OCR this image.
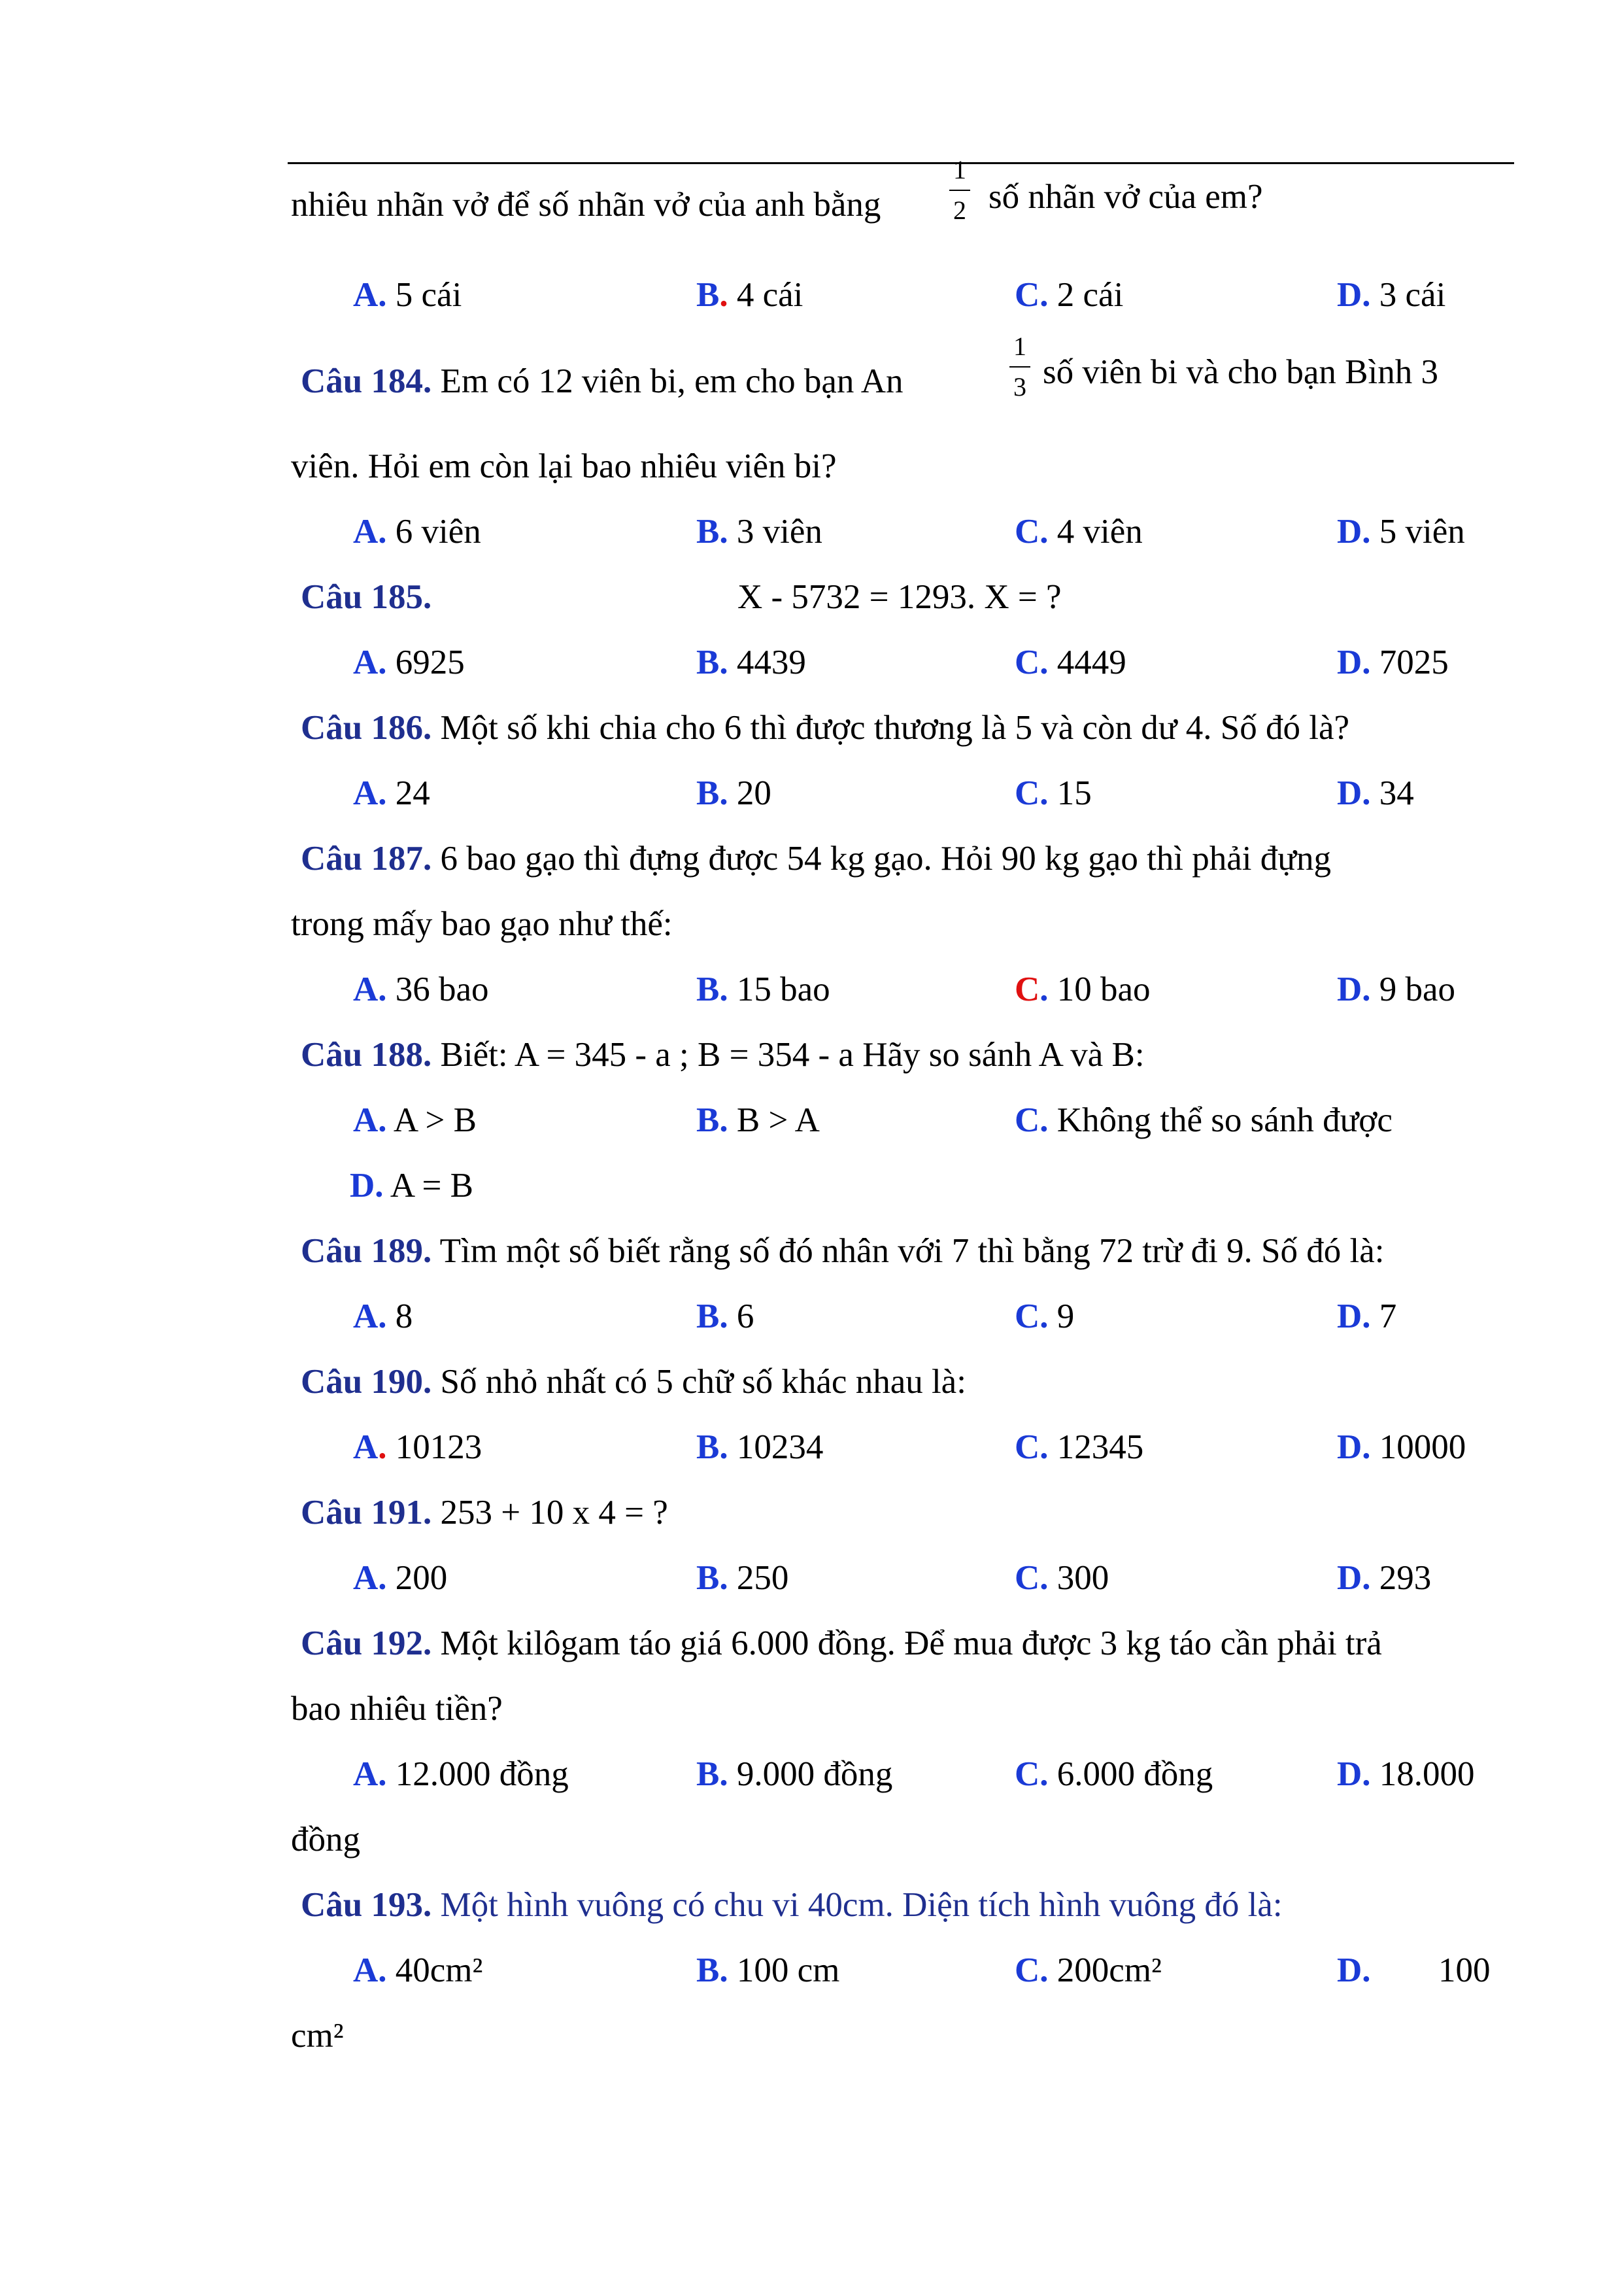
nhiêu nhãn vở để số nhãn vở của anh bằng
1
2 số nhãn vở của em?
A. 5 cái	B. 4 cái	C. 2 cái	D. 3 cái
Câu 184. Em có 12 viên bi, em cho bạn An
1
3 số viên bi và cho bạn Bình 3
viên. Hỏi em còn lại bao nhiêu viên bi?
A. 6 viên	B. 3 viên	C. 4 viên	D. 5 viên
Câu 185.	X - 5732 = 1293. X = ?
A. 6925	B. 4439	C. 4449	D. 7025
Câu 186. Một số khi chia cho 6 thì được thương là 5 và còn dư 4. Số đó là?
A. 24	B. 20	C. 15	D. 34
Câu 187. 6 bao gạo thì đựng được 54 kg gạo. Hỏi 90 kg gạo thì phải đựng
trong mấy bao gạo như thế:
A. 36 bao	B. 15 bao	C. 10 bao	D. 9 bao
Câu 188. Biết: A = 345 - a ; B = 354 - a Hãy so sánh A và B:
A. A > B	B. B > A	C. Không thể so sánh được
D. A = B
Câu 189. Tìm một số biết rằng số đó nhân với 7 thì bằng 72 trừ đi 9. Số đó là:
A. 8	B. 6	C. 9	D. 7
Câu 190. Số nhỏ nhất có 5 chữ số khác nhau là:
A. 10123	B. 10234	C. 12345	D. 10000
Câu 191. 253 + 10 x 4 = ?
A. 200	B. 250	C. 300	D. 293
Câu 192. Một kilôgam táo giá 6.000 đồng. Để mua được 3 kg táo cần phải trả
bao nhiêu tiền?
A. 12.000 đồng	B. 9.000 đồng	C. 6.000 đồng	D. 18.000
đồng
Câu 193. Một hình vuông có chu vi 40cm. Diện tích hình vuông đó là:
A. 40cm²	B. 100 cm	C. 200cm²	D. 100
cm²
